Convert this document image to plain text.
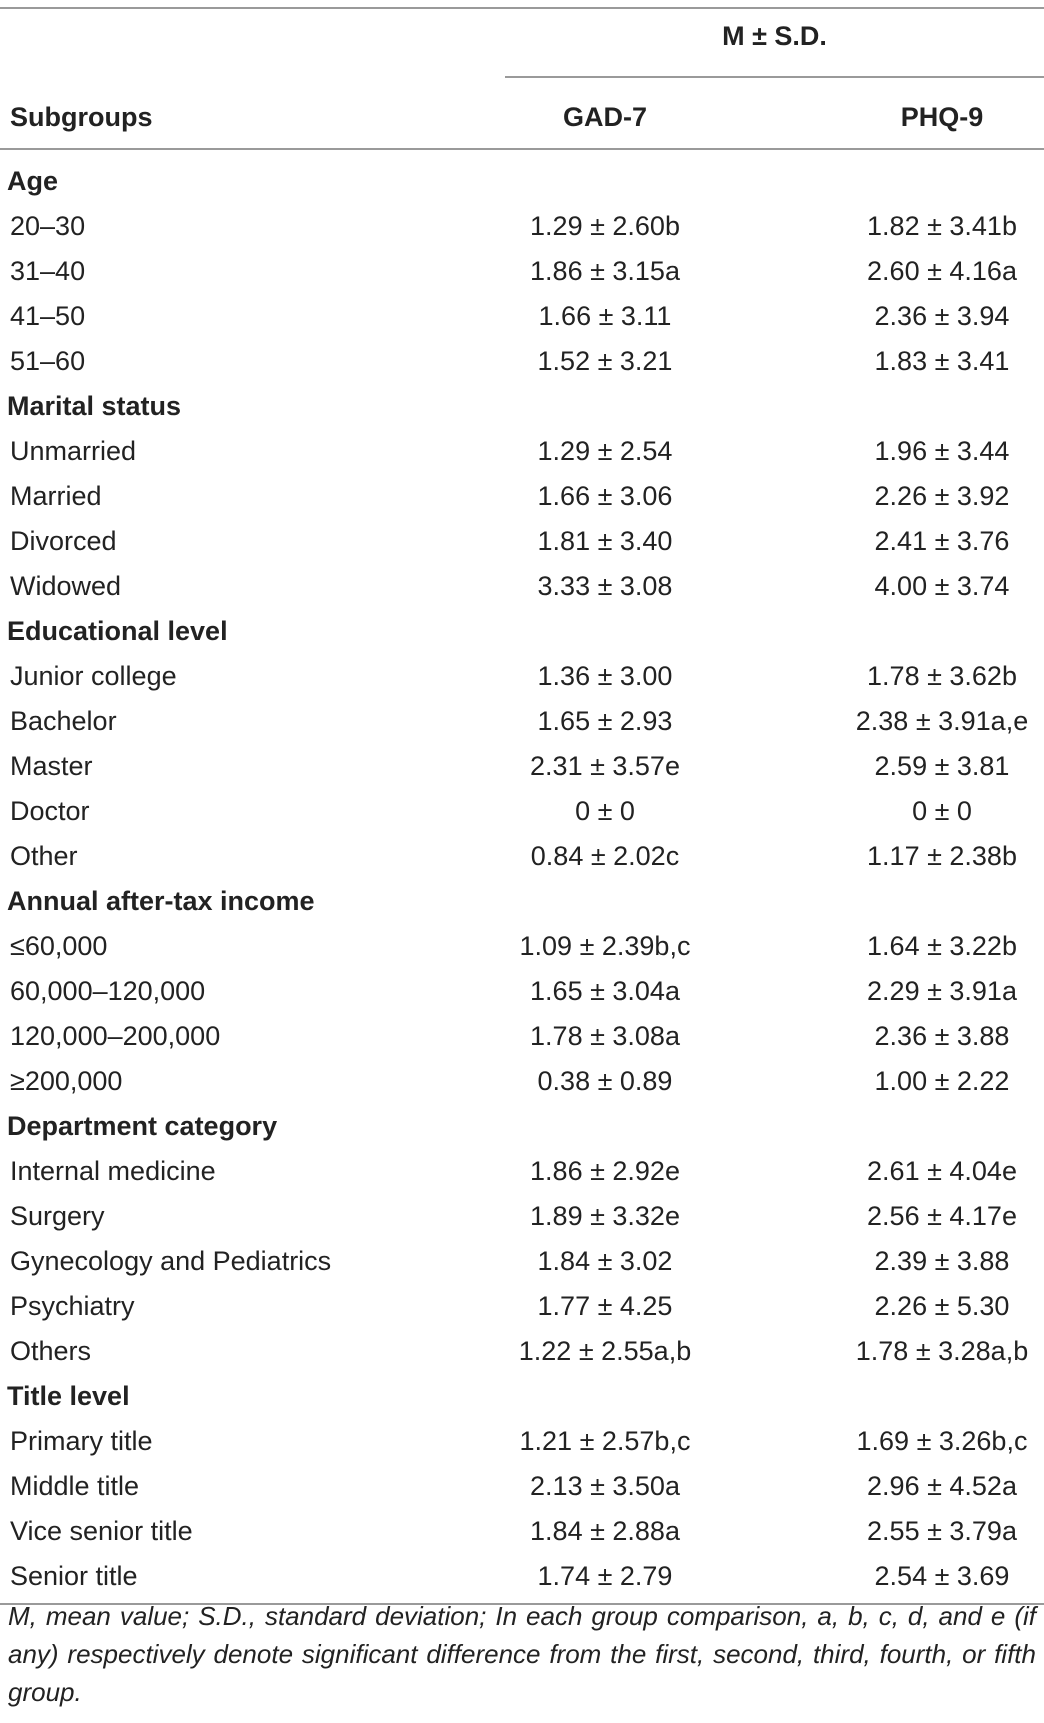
M ± S.D.
Subgroups	GAD-7	PHQ-9
Age
20–30	1.29 ± 2.60b	1.82 ± 3.41b
31–40	1.86 ± 3.15a	2.60 ± 4.16a
41–50	1.66 ± 3.11	2.36 ± 3.94
51–60	1.52 ± 3.21	1.83 ± 3.41
Marital status
Unmarried	1.29 ± 2.54	1.96 ± 3.44
Married	1.66 ± 3.06	2.26 ± 3.92
Divorced	1.81 ± 3.40	2.41 ± 3.76
Widowed	3.33 ± 3.08	4.00 ± 3.74
Educational level
Junior college	1.36 ± 3.00	1.78 ± 3.62b
Bachelor	1.65 ± 2.93	2.38 ± 3.91a,e
Master	2.31 ± 3.57e	2.59 ± 3.81
Doctor	0 ± 0	0 ± 0
Other	0.84 ± 2.02c	1.17 ± 2.38b
Annual after-tax income
≤60,000	1.09 ± 2.39b,c	1.64 ± 3.22b
60,000–120,000	1.65 ± 3.04a	2.29 ± 3.91a
120,000–200,000	1.78 ± 3.08a	2.36 ± 3.88
≥200,000	0.38 ± 0.89	1.00 ± 2.22
Department category
Internal medicine	1.86 ± 2.92e	2.61 ± 4.04e
Surgery	1.89 ± 3.32e	2.56 ± 4.17e
Gynecology and Pediatrics	1.84 ± 3.02	2.39 ± 3.88
Psychiatry	1.77 ± 4.25	2.26 ± 5.30
Others	1.22 ± 2.55a,b	1.78 ± 3.28a,b
Title level
Primary title	1.21 ± 2.57b,c	1.69 ± 3.26b,c
Middle title	2.13 ± 3.50a	2.96 ± 4.52a
Vice senior title	1.84 ± 2.88a	2.55 ± 3.79a
Senior title	1.74 ± 2.79	2.54 ± 3.69
M, mean value; S.D., standard deviation; In each group comparison, a, b, c, d, and e (if any) respectively denote significant difference from the first, second, third, fourth, or fifth group.
